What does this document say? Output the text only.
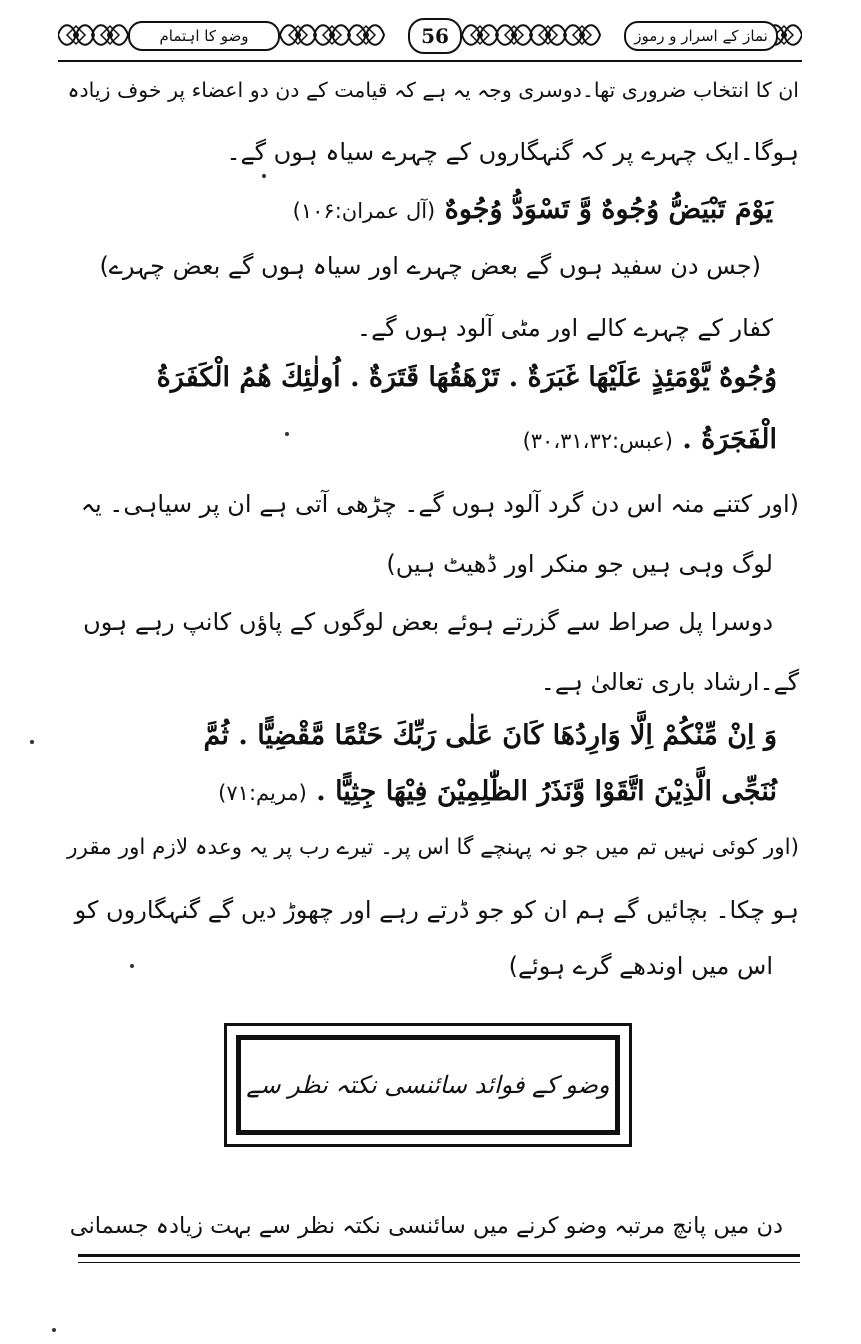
وضو کا اہتمام	56	نماز کے اسرار و رموز
ان کا انتخاب ضروری تھا۔دوسری وجہ یہ ہے کہ قیامت کے دن دو اعضاء پر خوف زیادہ
ہوگا۔ایک چہرے پر کہ گنہگاروں کے چہرے سیاہ ہوں گے۔
يَوْمَ تَبْيَضُّ وُجُوهٌ وَّ تَسْوَدُّ وُجُوهٌ (آل عمران:۱۰۶)
(جس دن سفید ہوں گے بعض چہرے اور سیاہ ہوں گے بعض چہرے)
کفار کے چہرے کالے اور مٹی آلود ہوں گے۔
وُجُوهٌ يَّوْمَئِذٍ عَلَيْهَا غَبَرَةٌ . تَرْهَقُهَا قَتَرَةٌ . اُولٰئِكَ هُمُ الْكَفَرَةُ
الْفَجَرَةُ . (عبس:۳۰،۳۱،۳۲)
(اور کتنے منہ اس دن گرد آلود ہوں گے۔ چڑھی آتی ہے ان پر سیاہی۔ یہ
لوگ وہی ہیں جو منکر اور ڈھیٹ ہیں)
دوسرا پل صراط سے گزرتے ہوئے بعض لوگوں کے پاؤں کانپ رہے ہوں
گے۔ارشاد باری تعالیٰ ہے۔
وَ اِنْ مِّنْكُمْ اِلَّا وَارِدُهَا كَانَ عَلٰى رَبِّكَ حَتْمًا مَّقْضِيًّا . ثُمَّ
نُنَجِّى الَّذِيْنَ اتَّقَوْا وَّنَذَرُ الظّٰلِمِيْنَ فِيْهَا جِثِيًّا . (مریم:۷۱)
(اور کوئی نہیں تم میں جو نہ پہنچے گا اس پر۔ تیرے رب پر یہ وعدہ لازم اور مقرر
ہو چکا۔ بچائیں گے ہم ان کو جو ڈرتے رہے اور چھوڑ دیں گے گنہگاروں کو
اس میں اوندھے گرے ہوئے)
وضو کے فوائد سائنسی نکتہ نظر سے
دن میں پانچ مرتبہ وضو کرنے میں سائنسی نکتہ نظر سے بہت زیادہ جسمانی
